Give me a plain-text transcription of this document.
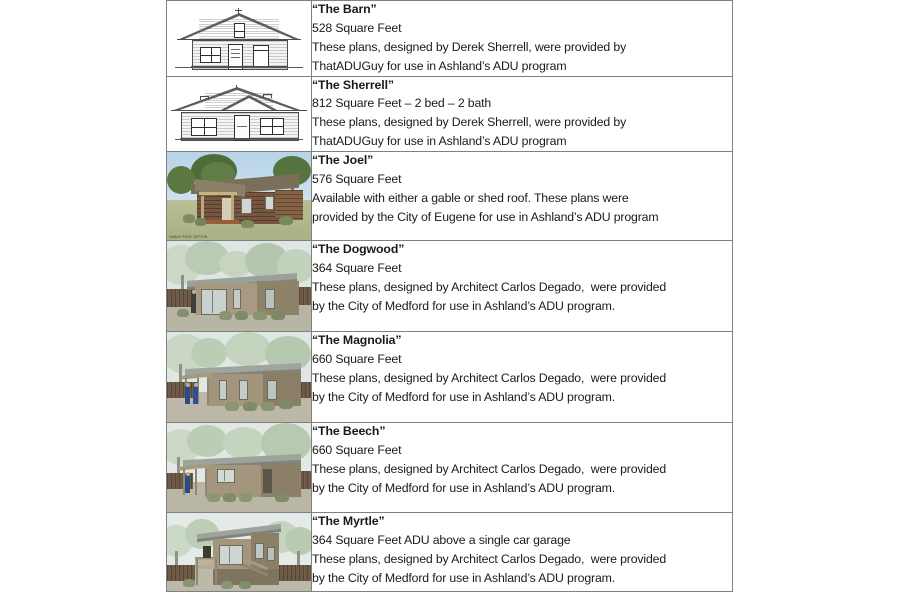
	“The Barn”
528 Square Feet
These plans, designed by Derek Sherrell, were provided by
ThatADUGuy for use in Ashland’s ADU program

	“The Sherrell”
812 Square Feet – 2 bed – 2 bath
These plans, designed by Derek Sherrell, were provided by
ThatADUGuy for use in Ashland’s ADU program

GABLE ROOF OPTION	“The Joel”
576 Square Feet
Available with either a gable or shed roof. These plans were
provided by the City of Eugene for use in Ashland’s ADU program

	“The Dogwood”
364 Square Feet
These plans, designed by Architect Carlos Degado,  were provided
by the City of Medford for use in Ashland’s ADU program.

	“The Magnolia”
660 Square Feet
These plans, designed by Architect Carlos Degado,  were provided
by the City of Medford for use in Ashland’s ADU program.

	“The Beech”
660 Square Feet
These plans, designed by Architect Carlos Degado,  were provided
by the City of Medford for use in Ashland’s ADU program.

	“The Myrtle”
364 Square Feet ADU above a single car garage
These plans, designed by Architect Carlos Degado,  were provided
by the City of Medford for use in Ashland’s ADU program.
